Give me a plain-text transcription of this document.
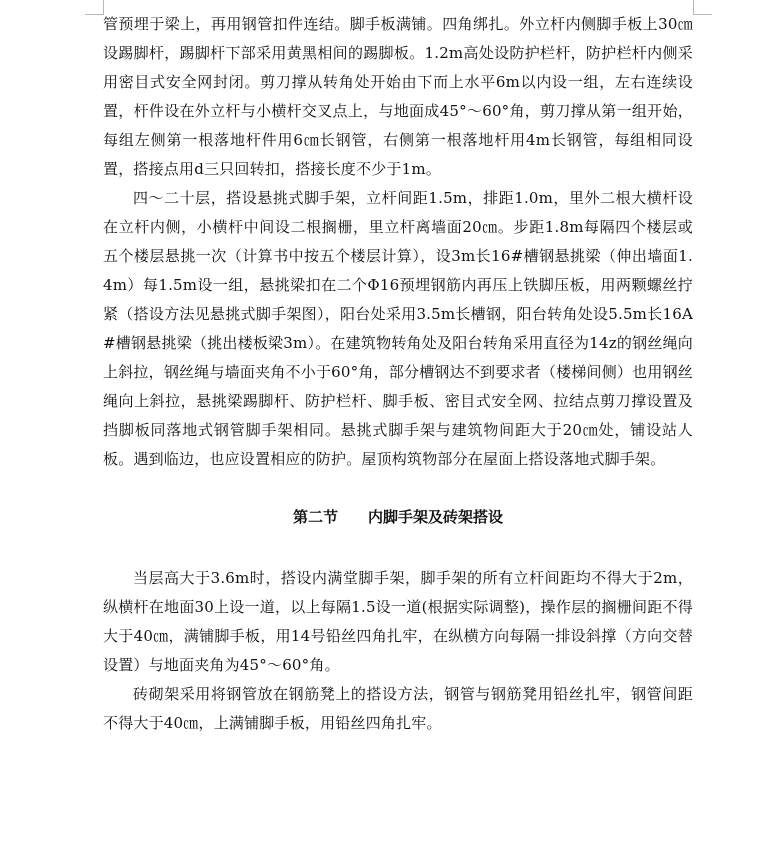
管预埋于梁上，再用钢管扣件连结。脚手板满铺。四角绑扎。外立杆内侧脚手板上30㎝设踢脚杆，踢脚杆下部采用黄黑相间的踢脚板。1.2m高处设防护栏杆，防护栏杆内侧采用密目式安全网封闭。剪刀撑从转角处开始由下而上水平6m以内设一组，左右连续设置，杆件设在外立杆与小横杆交叉点上，与地面成45°～60°角，剪刀撑从第一组开始，每组左侧第一根落地杆件用6㎝长钢管，右侧第一根落地杆用4m长钢管，每组相同设置，搭接点用d三只回转扣，搭接长度不少于1m。

四～二十层，搭设悬挑式脚手架，立杆间距1.5m，排距1.0m，里外二根大横杆设在立杆内侧，小横杆中间设二根搁栅，里立杆离墙面20㎝。步距1.8m每隔四个楼层或五个楼层悬挑一次（计算书中按五个楼层计算），设3m长16#槽钢悬挑梁（伸出墙面1.4m）每1.5m设一组，悬挑梁扣在二个Φ16预埋钢筋内再压上铁脚压板，用两颗螺丝拧紧（搭设方法见悬挑式脚手架图），阳台处采用3.5m长槽钢，阳台转角处设5.5m长16A#槽钢悬挑梁（挑出楼板梁3m）。在建筑物转角处及阳台转角采用直径为14z的钢丝绳向上斜拉，钢丝绳与墙面夹角不小于60°角，部分槽钢达不到要求者（楼梯间侧）也用钢丝绳向上斜拉，悬挑梁踢脚杆、防护栏杆、脚手板、密目式安全网、拉结点剪刀撑设置及挡脚板同落地式钢管脚手架相同。悬挑式脚手架与建筑物间距大于20㎝处，铺设站人板。遇到临边，也应设置相应的防护。屋顶构筑物部分在屋面上搭设落地式脚手架。

第二节　　内脚手架及砖架搭设

当层高大于3.6m时，搭设内满堂脚手架，脚手架的所有立杆间距均不得大于2m，纵横杆在地面30上设一道，以上每隔1.5设一道(根据实际调整)，操作层的搁栅间距不得大于40㎝，满铺脚手板，用14号铅丝四角扎牢，在纵横方向每隔一排设斜撑（方向交替设置）与地面夹角为45°～60°角。

砖砌架采用将钢管放在钢筋凳上的搭设方法，钢管与钢筋凳用铅丝扎牢，钢管间距不得大于40㎝，上满铺脚手板，用铅丝四角扎牢。
